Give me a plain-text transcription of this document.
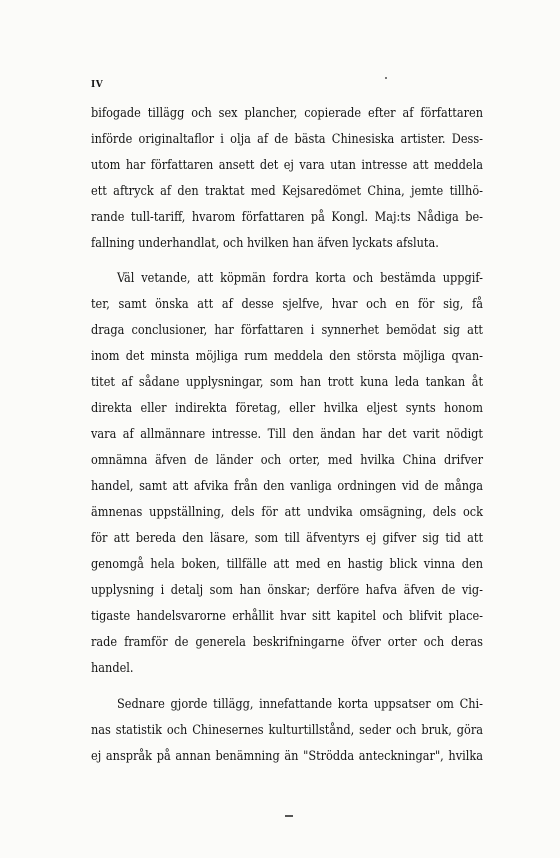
IV
bifogade tillägg och sex plancher, copierade efter af författaren
införde originaltaflor i olja af de bästa Chinesiska artister. Dess-
utom har författaren ansett det ej vara utan intresse att meddela
ett aftryck af den traktat med Kejsaredömet China, jemte tillhö-
rande tull-tariff, hvarom författaren på Kongl. Maj:ts Nådiga be-
fallning underhandlat, och hvilken han äfven lyckats afsluta.
Väl vetande, att köpmän fordra korta och bestämda uppgif-
ter, samt önska att af desse sjelfve, hvar och en för sig, få
draga conclusioner, har författaren i synnerhet bemödat sig att
inom det minsta möjliga rum meddela den största möjliga qvan-
titet af sådane upplysningar, som han trott kuna leda tankan åt
direkta eller indirekta företag, eller hvilka eljest synts honom
vara af allmännare intresse. Till den ändan har det varit nödigt
omnämna äfven de länder och orter, med hvilka China drifver
handel, samt att afvika från den vanliga ordningen vid de många
ämnenas uppställning, dels för att undvika omsägning, dels ock
för att bereda den läsare, som till äfventyrs ej gifver sig tid att
genomgå hela boken, tillfälle att med en hastig blick vinna den
upplysning i detalj som han önskar; derföre hafva äfven de vig-
tigaste handelsvarorne erhållit hvar sitt kapitel och blifvit place-
rade framför de generela beskrifningarne öfver orter och deras
handel.
Sednare gjorde tillägg, innefattande korta uppsatser om Chi-
nas statistik och Chinesernes kulturtillstånd, seder och bruk, göra
ej anspråk på annan benämning än "Strödda anteckningar", hvilka
